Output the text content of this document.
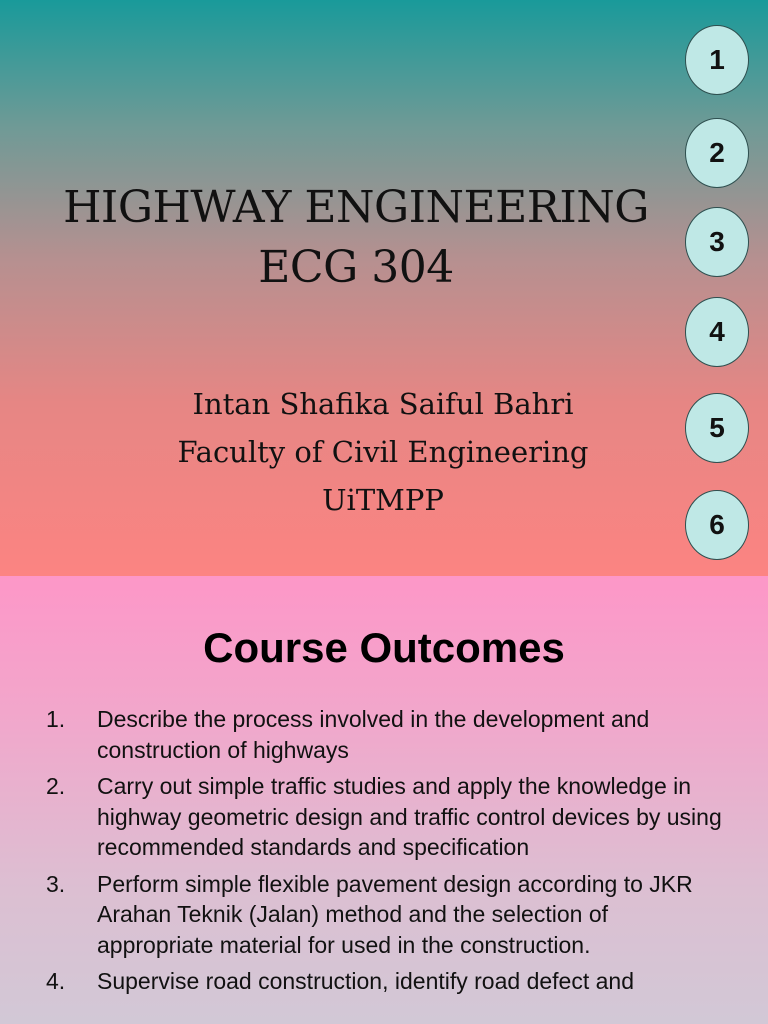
HIGHWAY ENGINEERING
ECG 304
Intan Shafika Saiful Bahri
Faculty of Civil Engineering
UiTMPP
1
2
3
4
5
6
Course Outcomes
1. Describe the process involved in the development and construction of highways
2. Carry out simple traffic studies and apply the knowledge in highway geometric design and traffic control devices by using recommended standards and specification
3. Perform simple flexible pavement design according to JKR Arahan Teknik (Jalan) method and the selection of appropriate material for used in the construction.
4. Supervise road construction, identify road defect and
